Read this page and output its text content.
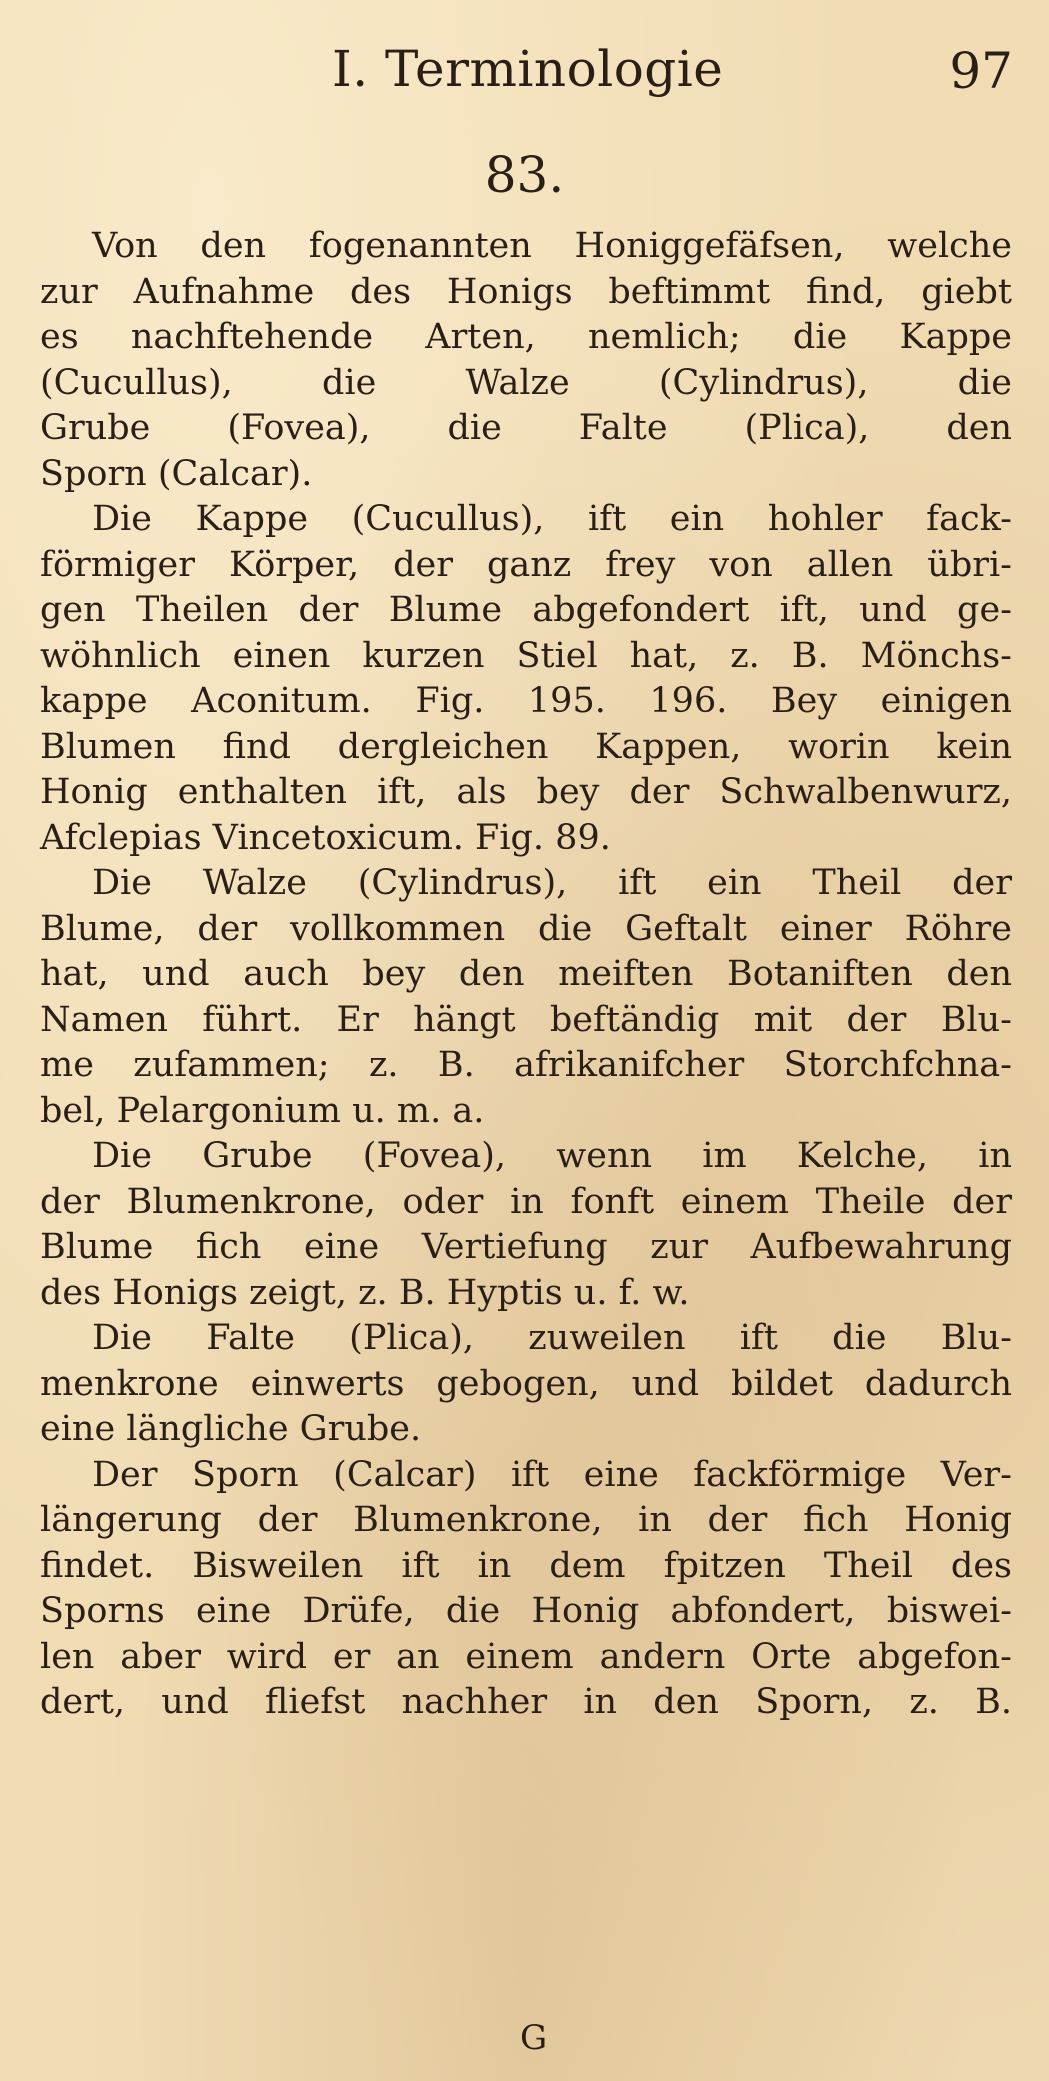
I. Terminologie	97
83.
Von den fogenannten Honiggefäfsen, welche
zur Aufnahme des Honigs beftimmt find, giebt
es nachftehende Arten, nemlich; die Kappe
(Cucullus), die Walze (Cylindrus), die
Grube (Fovea), die Falte (Plica), den
Sporn (Calcar).
Die Kappe (Cucullus), ift ein hohler fack-
förmiger Körper, der ganz frey von allen übri-
gen Theilen der Blume abgefondert ift, und ge-
wöhnlich einen kurzen Stiel hat, z. B. Mönchs-
kappe Aconitum. Fig. 195. 196. Bey einigen
Blumen find dergleichen Kappen, worin kein
Honig enthalten ift, als bey der Schwalbenwurz,
Afclepias Vincetoxicum. Fig. 89.
Die Walze (Cylindrus), ift ein Theil der
Blume, der vollkommen die Geftalt einer Röhre
hat, und auch bey den meiften Botaniften den
Namen führt. Er hängt beftändig mit der Blu-
me zufammen; z. B. afrikanifcher Storchfchna-
bel, Pelargonium u. m. a.
Die Grube (Fovea), wenn im Kelche, in
der Blumenkrone, oder in fonft einem Theile der
Blume fich eine Vertiefung zur Aufbewahrung
des Honigs zeigt, z. B. Hyptis u. f. w.
Die Falte (Plica), zuweilen ift die Blu-
menkrone einwerts gebogen, und bildet dadurch
eine längliche Grube.
Der Sporn (Calcar) ift eine fackförmige Ver-
längerung der Blumenkrone, in der fich Honig
findet. Bisweilen ift in dem fpitzen Theil des
Sporns eine Drüfe, die Honig abfondert, biswei-
len aber wird er an einem andern Orte abgefon-
dert, und fliefst nachher in den Sporn, z. B.
G
